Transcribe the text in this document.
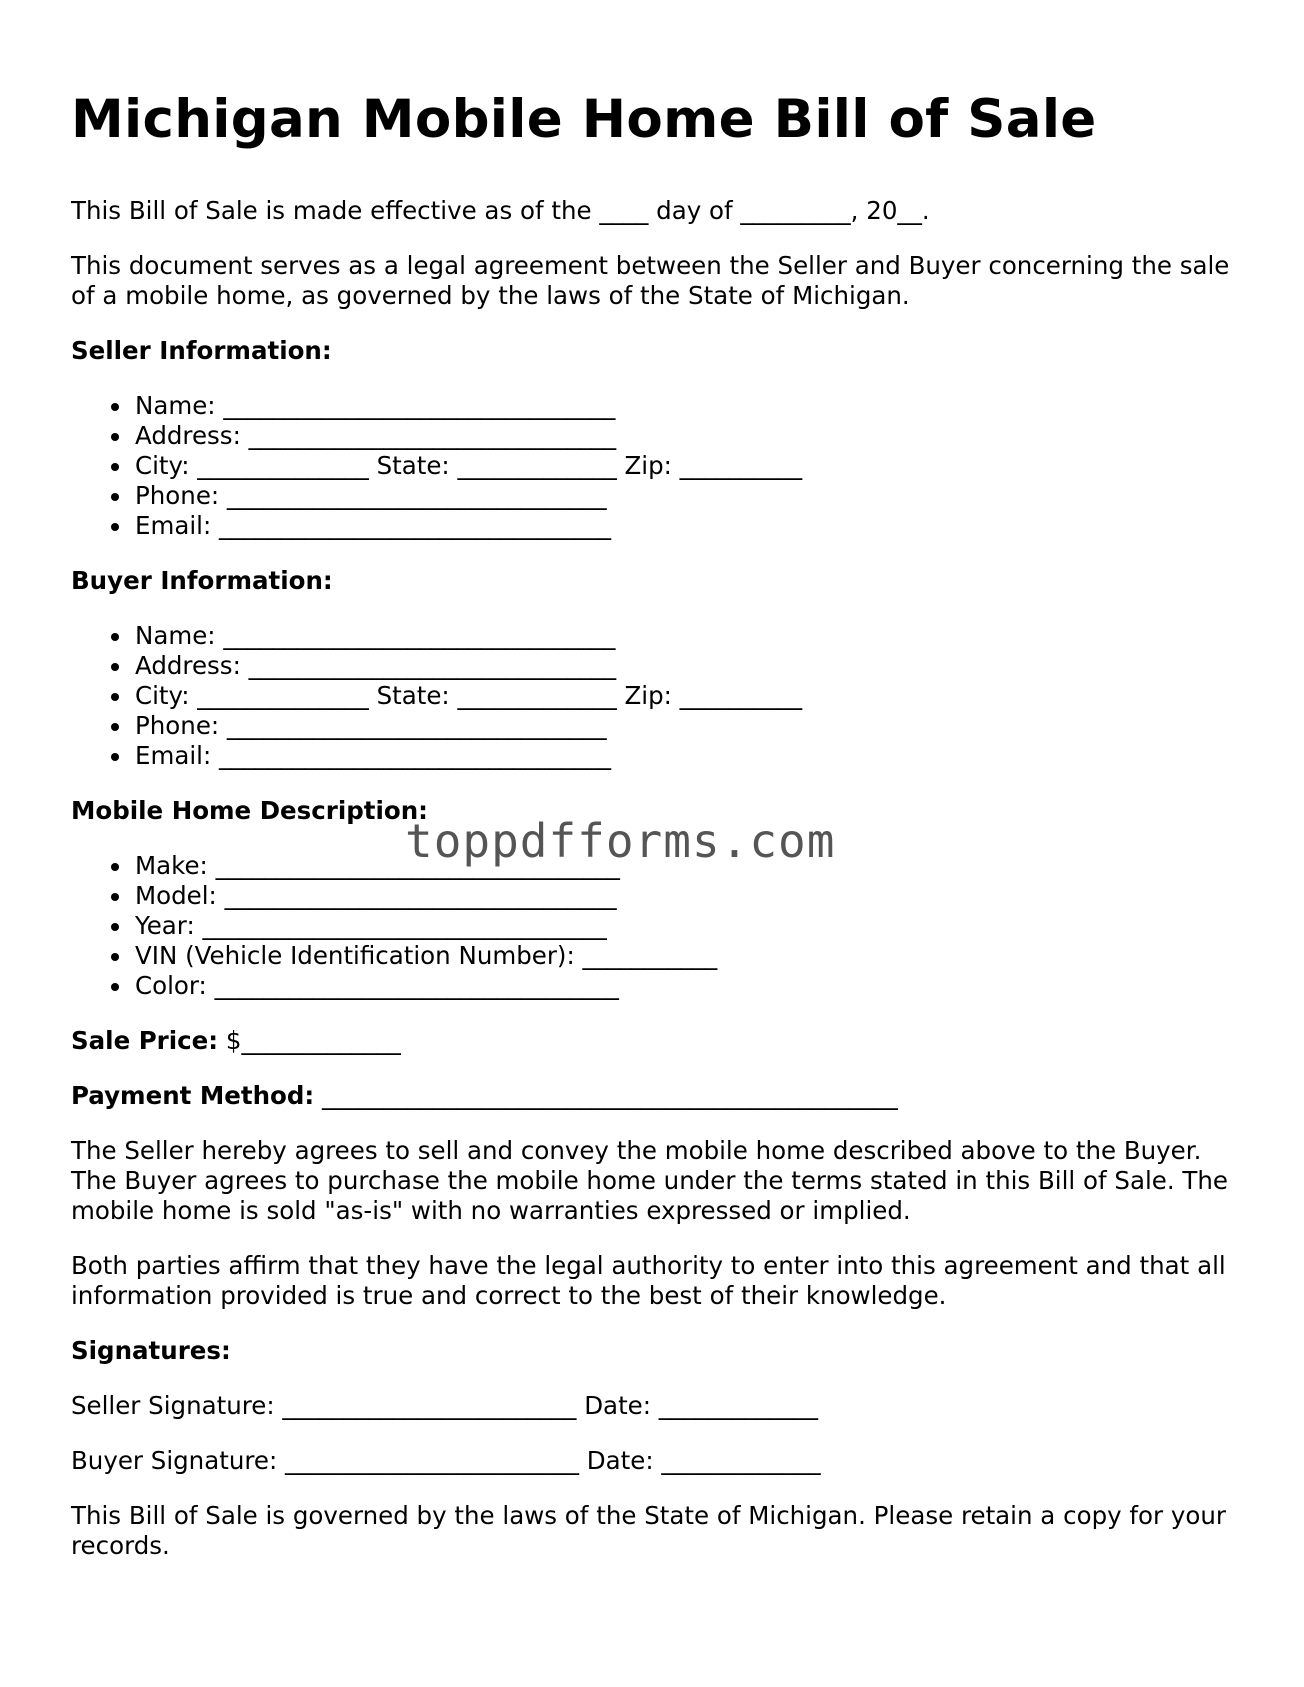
Michigan Mobile Home Bill of Sale

This Bill of Sale is made effective as of the ____ day of _________, 20__.

This document serves as a legal agreement between the Seller and Buyer concerning the sale of a mobile home, as governed by the laws of the State of Michigan.

Seller Information:
Name: ________________________________
Address: ______________________________
City: ______________ State: _____________ Zip: __________
Phone: _______________________________
Email: ________________________________
Buyer Information:
Name: ________________________________
Address: ______________________________
City: ______________ State: _____________ Zip: __________
Phone: _______________________________
Email: ________________________________
Mobile Home Description:
Make: _________________________________
Model: ________________________________
Year: _________________________________
VIN (Vehicle Identification Number): ___________
Color: _________________________________

Sale Price: $_____________

Payment Method: _______________________________________________

The Seller hereby agrees to sell and convey the mobile home described above to the Buyer. The Buyer agrees to purchase the mobile home under the terms stated in this Bill of Sale. The mobile home is sold "as-is" with no warranties expressed or implied.

Both parties affirm that they have the legal authority to enter into this agreement and that all information provided is true and correct to the best of their knowledge.

Signatures:

Seller Signature: ________________________ Date: _____________

Buyer Signature: ________________________ Date: _____________

This Bill of Sale is governed by the laws of the State of Michigan. Please retain a copy for your records.

toppdfforms.com
